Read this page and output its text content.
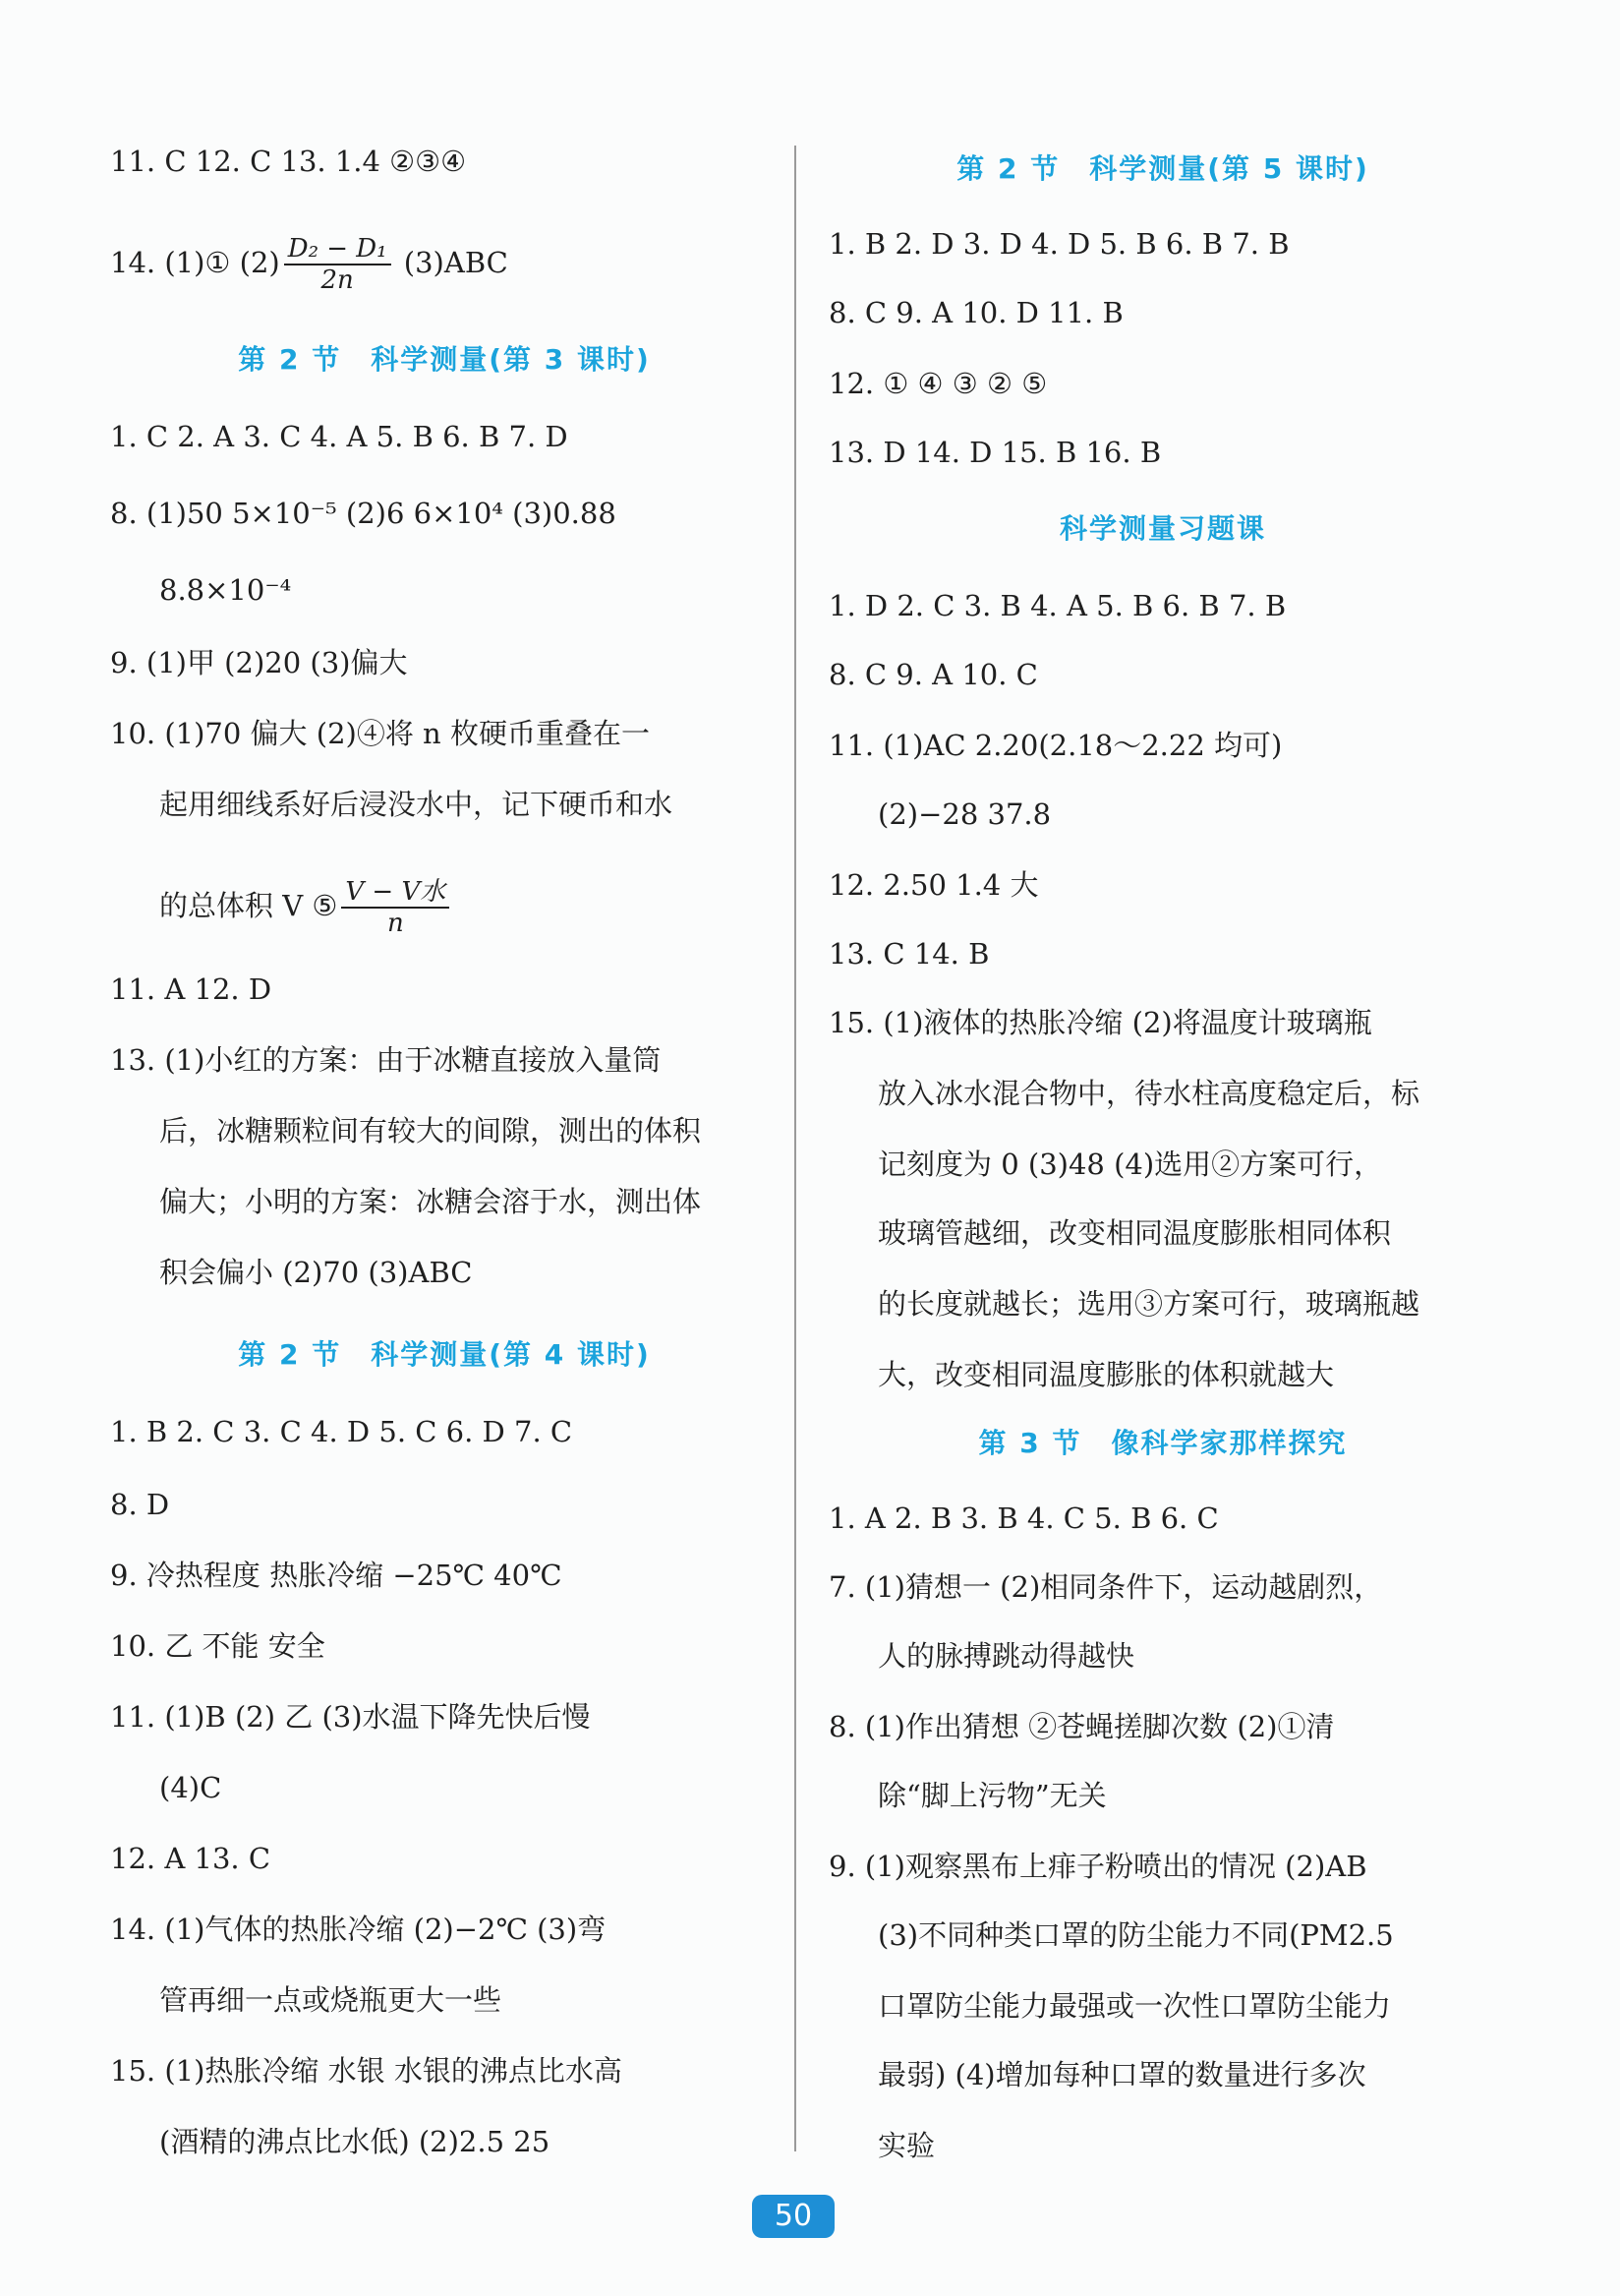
11. C 12. C 13. 1.4 ②③④
14. (1)① $(2) \frac{\text{D₂ − D₁}}{2n} (3)ABC$
第 2 节　科学测量(第 3 课时)
1. C 2. A 3. C 4. A 5. B 6. B 7. D
8. (1)50 5×10⁻⁵ (2)6 6×10⁴ (3)0.88
8.8×10⁻⁴
9. (1)甲 (2)20 (3)偏大
10. (1)70 偏大 (2)④将 n 枚硬币重叠在一
起用细线系好后浸没水中，记下硬币和水
的总体积 V ⑤ $\frac{\text{V − V水}}{n}$
11. A 12. D
13. (1)小红的方案：由于冰糖直接放入量筒
后，冰糖颗粒间有较大的间隙，测出的体积
偏大；小明的方案：冰糖会溶于水，测出体
积会偏小 (2)70 (3)ABC
第 2 节　科学测量(第 4 课时)
1. B 2. C 3. C 4. D 5. C 6. D 7. C
8. D
9. 冷热程度 热胀冷缩 −25℃ 40℃
10. 乙 不能 安全
11. (1)B (2) 乙 (3)水温下降先快后慢
(4)C
12. A 13. C
14. (1)气体的热胀冷缩 (2)−2℃ (3)弯
管再细一点或烧瓶更大一些
15. (1)热胀冷缩 水银 水银的沸点比水高
(酒精的沸点比水低) (2)2.5 25
第 2 节　科学测量(第 5 课时)
1. B 2. D 3. D 4. D 5. B 6. B 7. B
8. C 9. A 10. D 11. B
12. ① ④ ③ ② ⑤
13. D 14. D 15. B 16. B
科学测量习题课
1. D 2. C 3. B 4. A 5. B 6. B 7. B
8. C 9. A 10. C
11. (1)AC 2.20(2.18～2.22 均可)
(2)−28 37.8
12. 2.50 1.4 大
13. C 14. B
15. (1)液体的热胀冷缩 (2)将温度计玻璃瓶
放入冰水混合物中，待水柱高度稳定后，标
记刻度为 0 (3)48 (4)选用②方案可行，
玻璃管越细，改变相同温度膨胀相同体积
的长度就越长；选用③方案可行，玻璃瓶越
大，改变相同温度膨胀的体积就越大
第 3 节　像科学家那样探究
1. A 2. B 3. B 4. C 5. B 6. C
7. (1)猜想一 (2)相同条件下，运动越剧烈，
人的脉搏跳动得越快
8. (1)作出猜想 ②苍蝇搓脚次数 (2)①清
除“脚上污物”无关
9. (1)观察黑布上痱子粉喷出的情况 (2)AB
(3)不同种类口罩的防尘能力不同(PM2.5
口罩防尘能力最强或一次性口罩防尘能力
最弱) (4)增加每种口罩的数量进行多次
实验
50
